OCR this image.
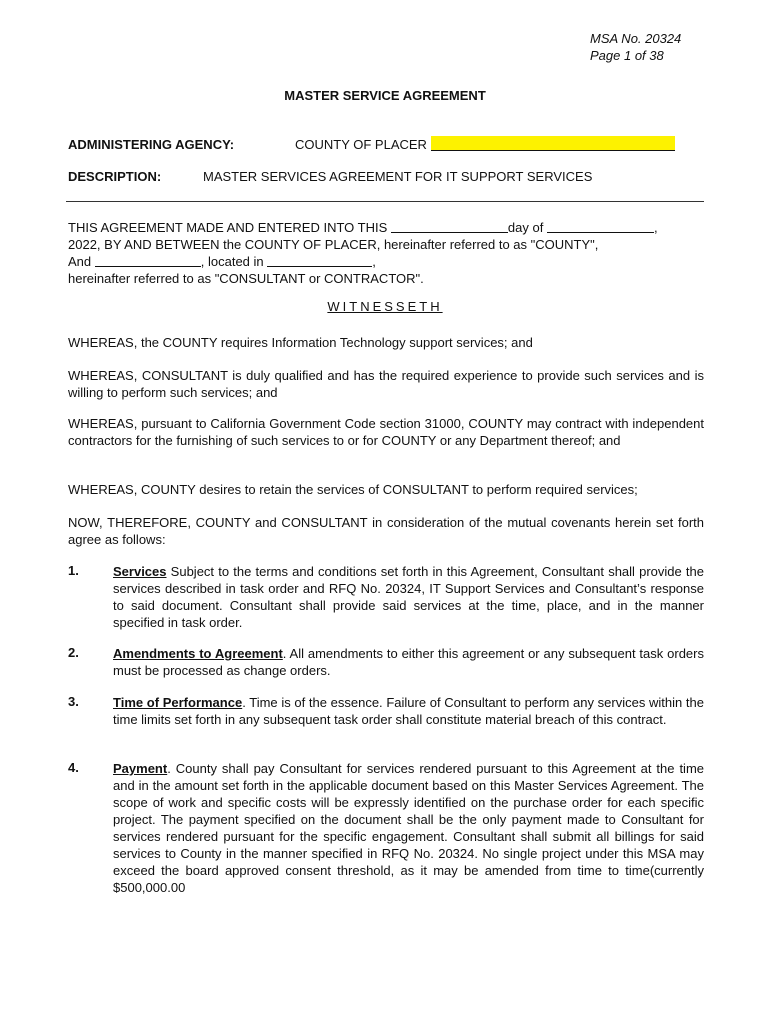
MSA No. 20324
Page 1 of 38
MASTER SERVICE AGREEMENT
ADMINISTERING AGENCY:	COUNTY OF PLACER
DESCRIPTION:	MASTER SERVICES AGREEMENT FOR IT SUPPORT SERVICES
THIS AGREEMENT MADE AND ENTERED INTO THIS	day of	,
2022, BY AND BETWEEN the COUNTY OF PLACER, hereinafter referred to as "COUNTY",
And	, located in	,
hereinafter referred to as "CONSULTANT or CONTRACTOR".
WITNESSETH
WHEREAS, the COUNTY requires Information Technology support services; and
WHEREAS, CONSULTANT is duly qualified and has the required experience to provide such services and is willing to perform such services; and
WHEREAS, pursuant to California Government Code section 31000, COUNTY may contract with independent contractors for the furnishing of such services to or for COUNTY or any Department thereof; and
WHEREAS, COUNTY desires to retain the services of CONSULTANT to perform required services;
NOW, THEREFORE, COUNTY and CONSULTANT in consideration of the mutual covenants herein set forth agree as follows:
1.	Services Subject to the terms and conditions set forth in this Agreement, Consultant shall provide the services described in task order and RFQ No. 20324, IT Support Services and Consultant’s response to said document. Consultant shall provide said services at the time, place, and in the manner specified in task order.
2.	Amendments to Agreement. All amendments to either this agreement or any subsequent task orders must be processed as change orders.
3.	Time of Performance. Time is of the essence. Failure of Consultant to perform any services within the time limits set forth in any subsequent task order shall constitute material breach of this contract.
4.	Payment. County shall pay Consultant for services rendered pursuant to this Agreement at the time and in the amount set forth in the applicable document based on this Master Services Agreement. The scope of work and specific costs will be expressly identified on the purchase order for each specific project. The payment specified on the document shall be the only payment made to Consultant for services rendered pursuant for the specific engagement. Consultant shall submit all billings for said services to County in the manner specified in RFQ No. 20324. No single project under this MSA may exceed the board approved consent threshold, as it may be amended from time to time(currently $500,000.00
